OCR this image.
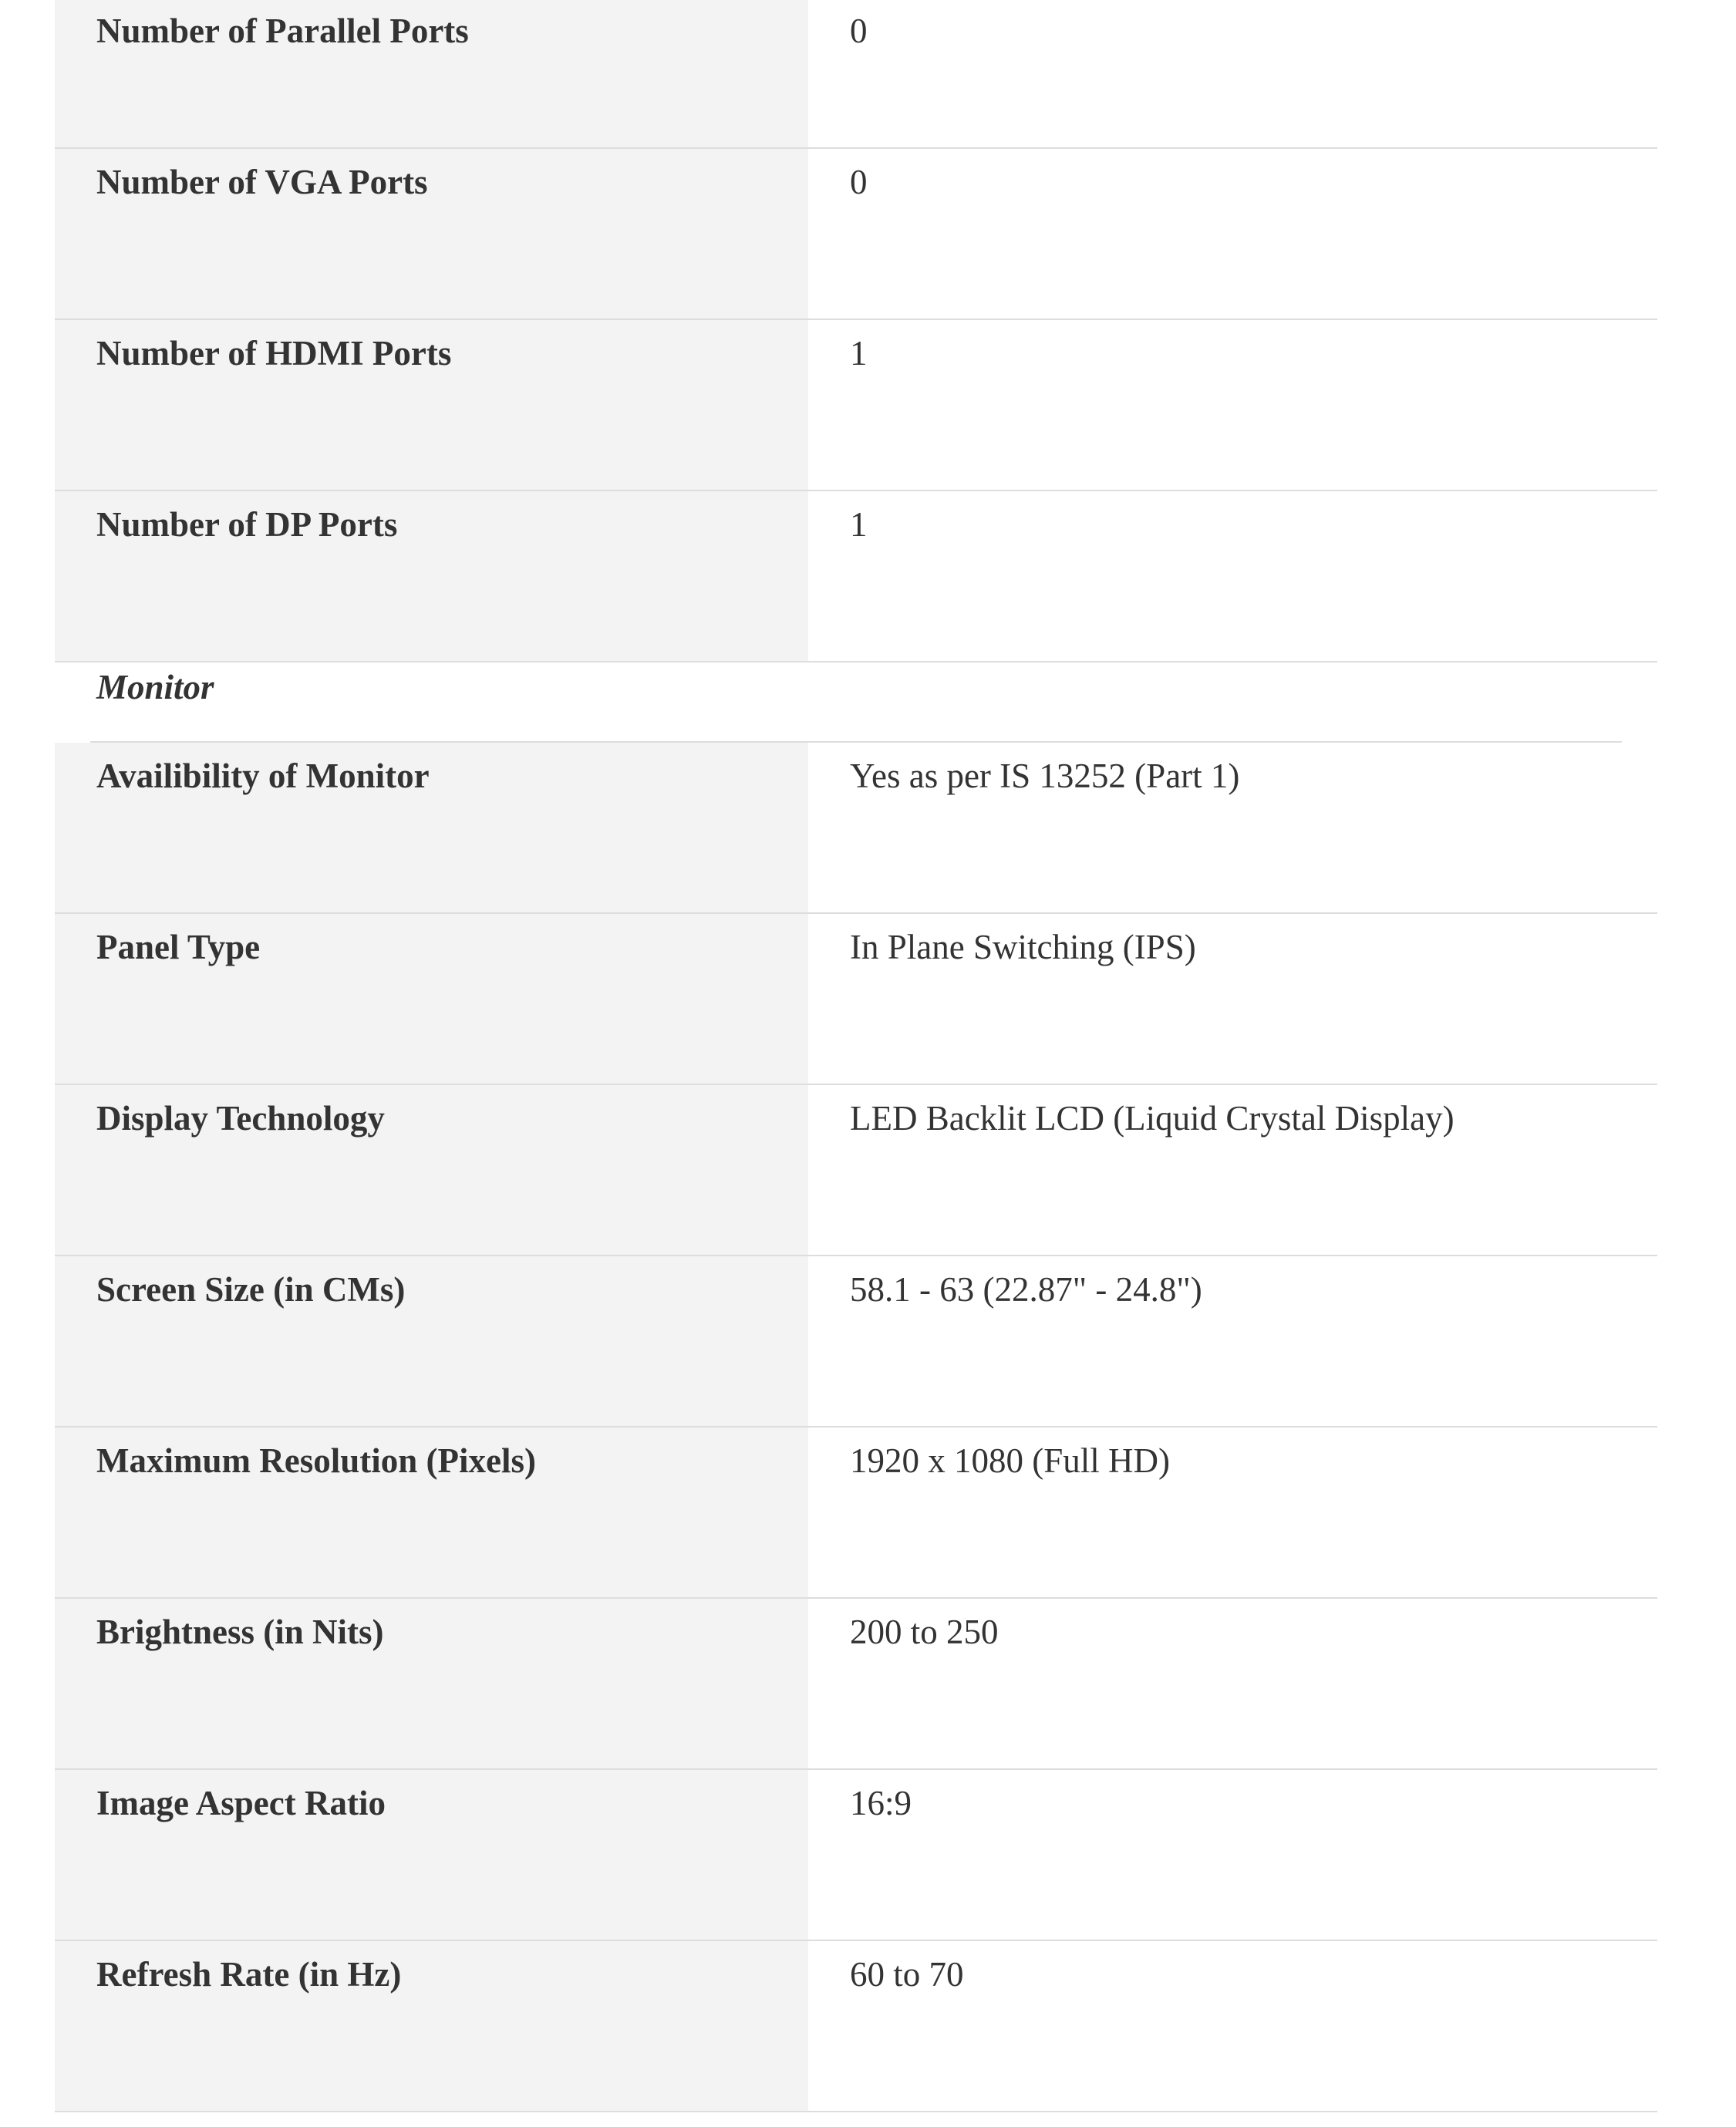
Number of Parallel Ports	0
Number of VGA Ports	0
Number of HDMI Ports	1
Number of DP Ports	1
Monitor
Availibility of Monitor	Yes as per IS 13252 (Part 1)
Panel Type	In Plane Switching (IPS)
Display Technology	LED Backlit LCD (Liquid Crystal Display)
Screen Size (in CMs)	58.1 - 63 (22.87" - 24.8")
Maximum Resolution (Pixels)	1920 x 1080 (Full HD)
Brightness (in Nits)	200 to 250
Image Aspect Ratio	16:9
Refresh Rate (in Hz)	60 to 70
